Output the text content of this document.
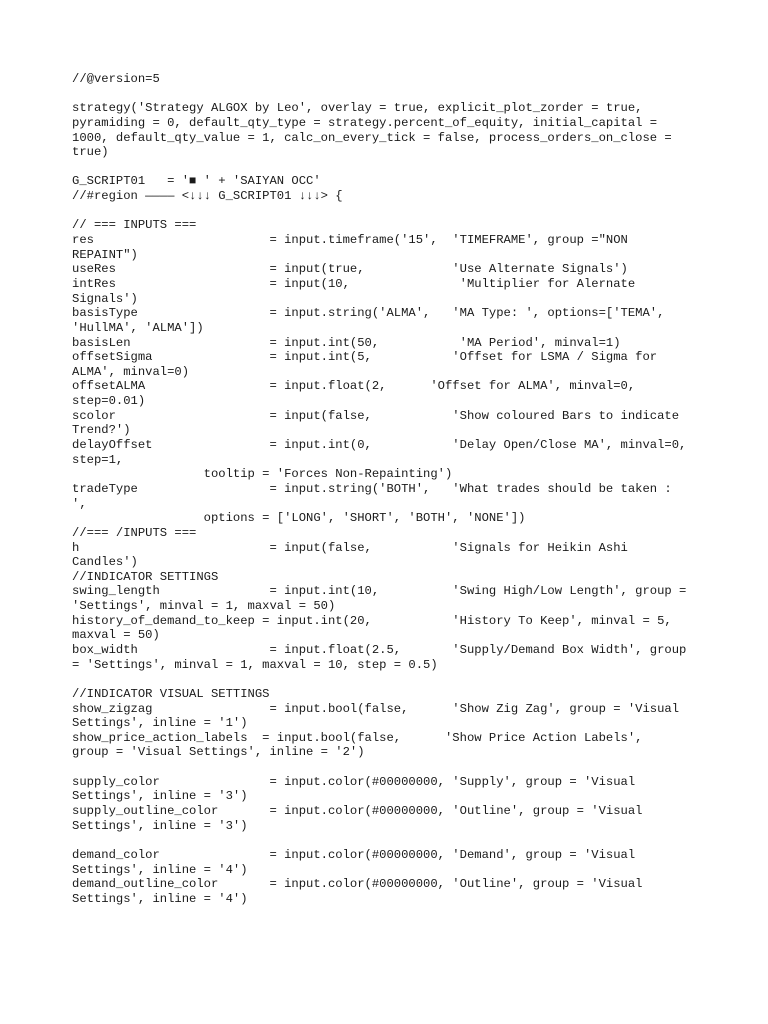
//@version=5
strategy('Strategy ALGOX by Leo', overlay = true, explicit_plot_zorder = true,
pyramiding = 0, default_qty_type = strategy.percent_of_equity, initial_capital =
1000, default_qty_value = 1, calc_on_every_tick = false, process_orders_on_close =
true)
G_SCRIPT01   = '■ ' + 'SAIYAN OCC'
//#region ———— <↓↓↓ G_SCRIPT01 ↓↓↓> {
// === INPUTS ===
res                        = input.timeframe('15',  'TIMEFRAME', group ="NON
REPAINT")
useRes                     = input(true,            'Use Alternate Signals')
intRes                     = input(10,               'Multiplier for Alernate
Signals')
basisType                  = input.string('ALMA',   'MA Type: ', options=['TEMA',
'HullMA', 'ALMA'])
basisLen                   = input.int(50,           'MA Period', minval=1)
offsetSigma                = input.int(5,           'Offset for LSMA / Sigma for
ALMA', minval=0)
offsetALMA                 = input.float(2,      'Offset for ALMA', minval=0,
step=0.01)
scolor                     = input(false,           'Show coloured Bars to indicate
Trend?')
delayOffset                = input.int(0,           'Delay Open/Close MA', minval=0,
step=1,
tooltip = 'Forces Non-Repainting')
tradeType                  = input.string('BOTH',   'What trades should be taken :
',
options = ['LONG', 'SHORT', 'BOTH', 'NONE'])
//=== /INPUTS ===
h                          = input(false,           'Signals for Heikin Ashi
Candles')
//INDICATOR SETTINGS
swing_length               = input.int(10,          'Swing High/Low Length', group =
'Settings', minval = 1, maxval = 50)
history_of_demand_to_keep = input.int(20,           'History To Keep', minval = 5,
maxval = 50)
box_width                  = input.float(2.5,       'Supply/Demand Box Width', group
= 'Settings', minval = 1, maxval = 10, step = 0.5)
//INDICATOR VISUAL SETTINGS
show_zigzag                = input.bool(false,      'Show Zig Zag', group = 'Visual
Settings', inline = '1')
show_price_action_labels  = input.bool(false,      'Show Price Action Labels',
group = 'Visual Settings', inline = '2')
supply_color               = input.color(#00000000, 'Supply', group = 'Visual
Settings', inline = '3')
supply_outline_color       = input.color(#00000000, 'Outline', group = 'Visual
Settings', inline = '3')
demand_color               = input.color(#00000000, 'Demand', group = 'Visual
Settings', inline = '4')
demand_outline_color       = input.color(#00000000, 'Outline', group = 'Visual
Settings', inline = '4')
